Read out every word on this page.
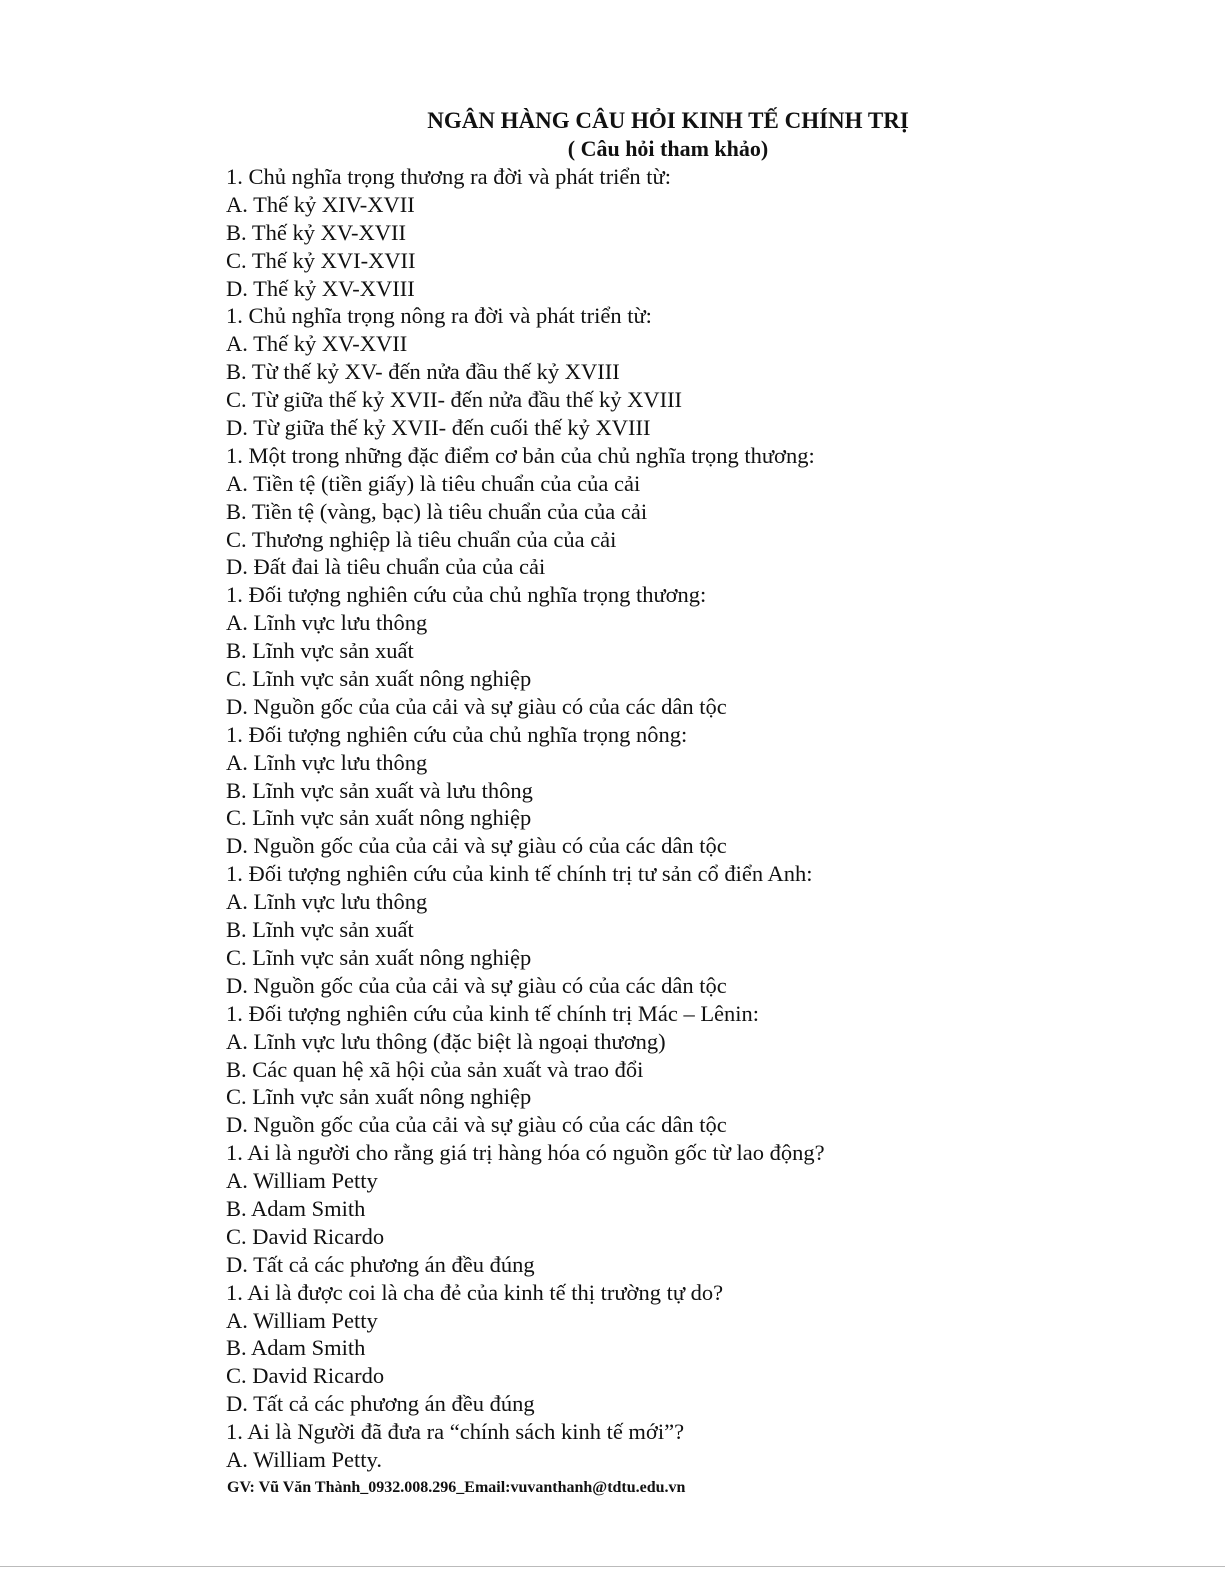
NGÂN HÀNG CÂU HỎI KINH TẾ CHÍNH TRỊ
( Câu hỏi tham khảo)
1. Chủ nghĩa trọng thương ra đời và phát triển từ:
A. Thế kỷ XIV-XVII
B. Thế kỷ XV-XVII
C. Thế kỷ XVI-XVII
D. Thế kỷ XV-XVIII
1. Chủ nghĩa trọng nông ra đời và phát triển từ:
A. Thế kỷ XV-XVII
B. Từ thế kỷ XV- đến nửa đầu thế kỷ XVIII
C. Từ giữa thế kỷ XVII- đến nửa đầu thế kỷ XVIII
D. Từ giữa thế kỷ XVII- đến cuối thế kỷ XVIII
1. Một trong những đặc điểm cơ bản của chủ nghĩa trọng thương:
A. Tiền tệ (tiền giấy) là tiêu chuẩn của của cải
B. Tiền tệ (vàng, bạc) là tiêu chuẩn của của cải
C. Thương nghiệp là tiêu chuẩn của của cải
D. Đất đai là tiêu chuẩn của của cải
1. Đối tượng nghiên cứu của chủ nghĩa trọng thương:
A. Lĩnh vực lưu thông
B. Lĩnh vực sản xuất
C. Lĩnh vực sản xuất nông nghiệp
D. Nguồn gốc của của cải và sự giàu có của các dân tộc
1. Đối tượng nghiên cứu của chủ nghĩa trọng nông:
A. Lĩnh vực lưu thông
B. Lĩnh vực sản xuất và lưu thông
C. Lĩnh vực sản xuất nông nghiệp
D. Nguồn gốc của của cải và sự giàu có của các dân tộc
1. Đối tượng nghiên cứu của kinh tế chính trị tư sản cổ điển Anh:
A. Lĩnh vực lưu thông
B. Lĩnh vực sản xuất
C. Lĩnh vực sản xuất nông nghiệp
D. Nguồn gốc của của cải và sự giàu có của các dân tộc
1. Đối tượng nghiên cứu của kinh tế chính trị Mác – Lênin:
A. Lĩnh vực lưu thông (đặc biệt là ngoại thương)
B. Các quan hệ xã hội của sản xuất và trao đổi
C. Lĩnh vực sản xuất nông nghiệp
D. Nguồn gốc của của cải và sự giàu có của các dân tộc
1. Ai là người cho rằng giá trị hàng hóa có nguồn gốc từ lao động?
A. William Petty
B. Adam Smith
C. David Ricardo
D. Tất cả các phương án đều đúng
1. Ai là được coi là cha đẻ của kinh tế thị trường tự do?
A. William Petty
B. Adam Smith
C. David Ricardo
D. Tất cả các phương án đều đúng
1. Ai là Người đã đưa ra “chính sách kinh tế mới”?
A. William Petty.
GV: Vũ Văn Thành_0932.008.296_Email:vuvanthanh@tdtu.edu.vn
